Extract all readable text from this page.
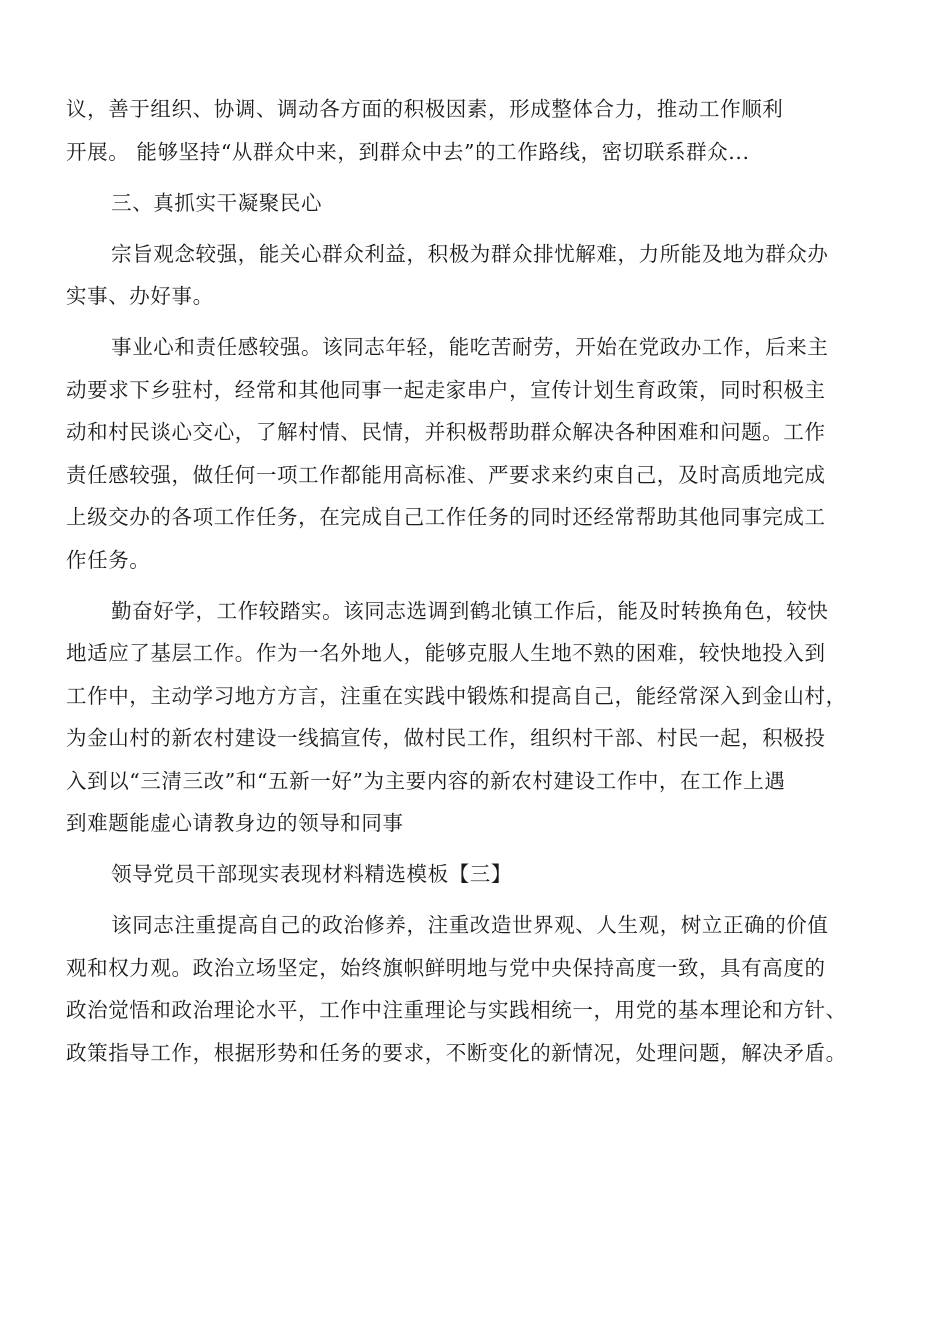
议，善于组织、协调、调动各方面的积极因素，形成整体合力，推动工作顺利
开展。 能够坚持“从群众中来，到群众中去”的工作路线，密切联系群众...

三、真抓实干凝聚民心

宗旨观念较强，能关心群众利益，积极为群众排忧解难，力所能及地为群众办
实事、办好事。

事业心和责任感较强。该同志年轻，能吃苦耐劳，开始在党政办工作，后来主
动要求下乡驻村，经常和其他同事一起走家串户，宣传计划生育政策，同时积极主
动和村民谈心交心，了解村情、民情，并积极帮助群众解决各种困难和问题。工作
责任感较强，做任何一项工作都能用高标准、严要求来约束自己，及时高质地完成
上级交办的各项工作任务，在完成自己工作任务的同时还经常帮助其他同事完成工
作任务。

勤奋好学，工作较踏实。该同志选调到鹤北镇工作后，能及时转换角色，较快
地适应了基层工作。作为一名外地人，能够克服人生地不熟的困难，较快地投入到
工作中，主动学习地方方言，注重在实践中锻炼和提高自己，能经常深入到金山村，
为金山村的新农村建设一线搞宣传，做村民工作，组织村干部、村民一起，积极投
入到以“三清三改”和“五新一好”为主要内容的新农村建设工作中，在工作上遇
到难题能虚心请教身边的领导和同事

领导党员干部现实表现材料精选模板【三】

该同志注重提高自己的政治修养，注重改造世界观、人生观，树立正确的价值
观和权力观。政治立场坚定，始终旗帜鲜明地与党中央保持高度一致，具有高度的
政治觉悟和政治理论水平，工作中注重理论与实践相统一，用党的基本理论和方针、
政策指导工作，根据形势和任务的要求，不断变化的新情况，处理问题，解决矛盾。
